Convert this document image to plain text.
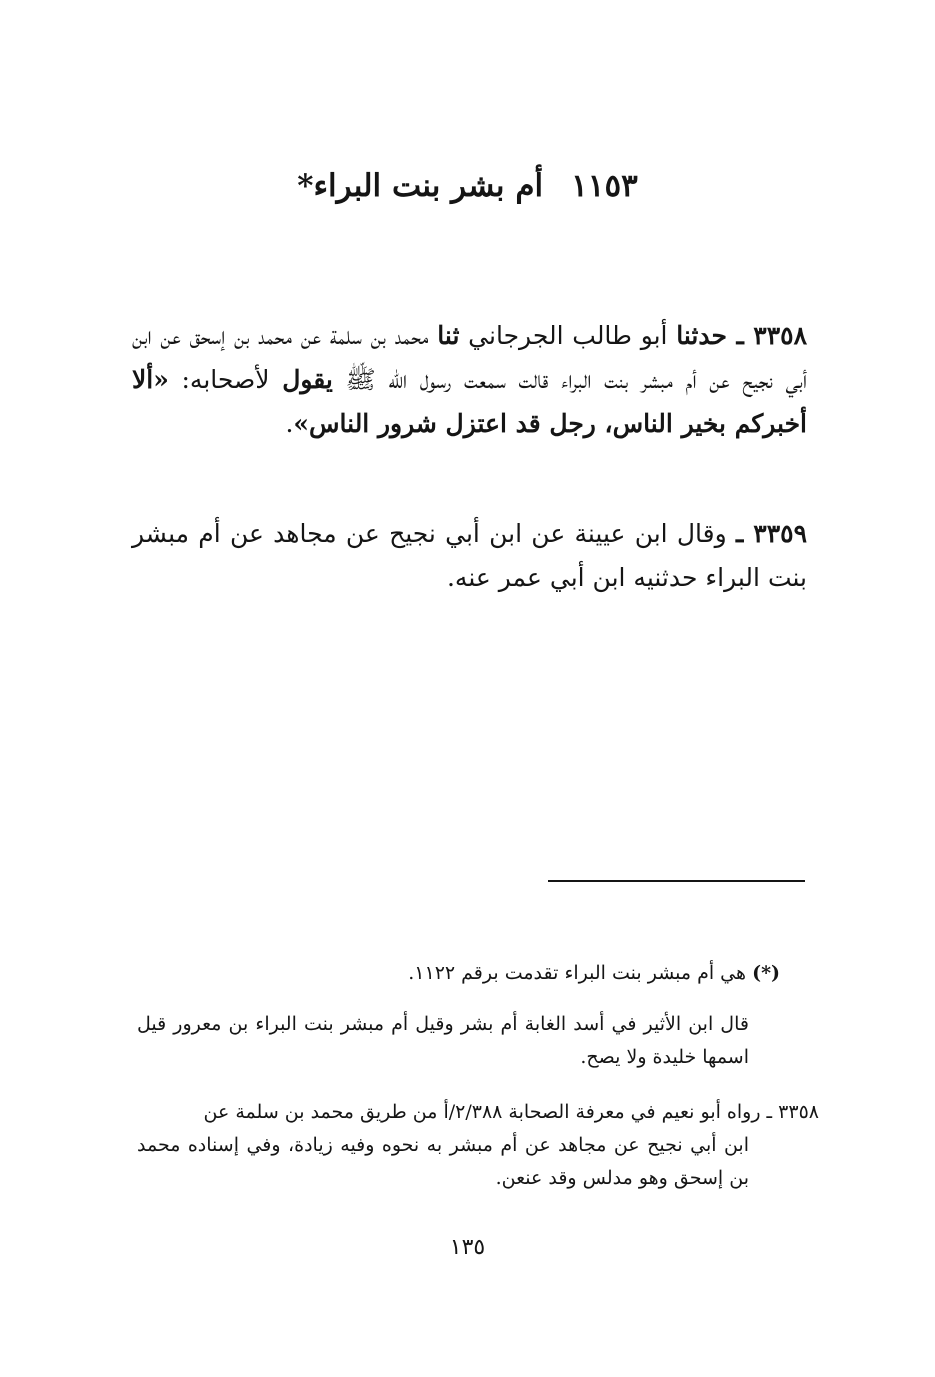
١١٥٣أم بشر بنت البراء*

٣٣٥٨ ـ حدثنا أبو طالب الجرجاني ثنا محمد بن سلمة عن محمد بن إسحق عن ابن أبي نجيح عن أم مبشر بنت البراء قالت سمعت رسول الله ﷺ يقول لأصحابه: «ألا أخبركم بخير الناس، رجل قد اعتزل شرور الناس».

٣٣٥٩ ـ وقال ابن عيينة عن ابن أبي نجيح عن مجاهد عن أم مبشر بنت البراء حدثنيه ابن أبي عمر عنه.

(*) هي أم مبشر بنت البراء تقدمت برقم ١١٢٢.

قال ابن الأثير في أسد الغابة أم بشر وقيل أم مبشر بنت البراء بن معرور قيل اسمها خليدة ولا يصح.

٣٣٥٨ ـ رواه أبو نعيم في معرفة الصحابة ٢/٣٨٨/أ من طريق محمد بن سلمة عن
ابن أبي نجيح عن مجاهد عن أم مبشر به نحوه وفيه زيادة، وفي إسناده محمد بن إسحق وهو مدلس وقد عنعن.

١٣٥
